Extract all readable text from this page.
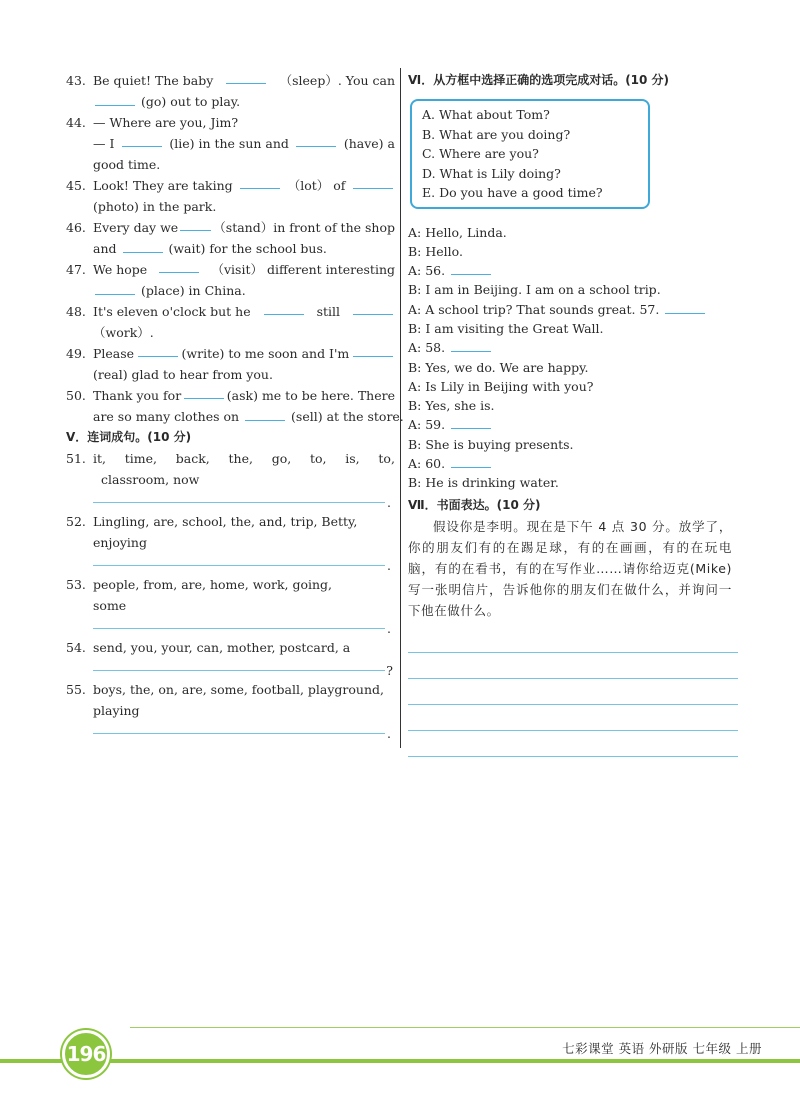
43. Be quiet! The baby	（sleep）. You can
(go) out to play.
44. — Where are you, Jim?
— I	(lie) in the sun and	(have) a
good time.
45. Look! They are taking	（lot） of
(photo) in the park.
46. Every day we	（stand）in front of the shop
and	(wait) for the school bus.
47. We hope	（visit） different interesting
(place) in China.
48. It's eleven o'clock but he	still
（work）.
49. Please	(write) to me soon and I'm
(real) glad to hear from you.
50. Thank you for	(ask) me to be here. There
are so many clothes on	(sell) at the store.
Ⅴ．连词成句。(10 分)
51. it, time, back, the, go, to, is, to,
classroom, now
.
52. Lingling, are, school, the, and, trip, Betty,
enjoying
.
53. people, from, are, home, work, going,
some
.
54. send, you, your, can, mother, postcard, a
?
55. boys, the, on, are, some, football, playground,
playing
.
Ⅵ．从方框中选择正确的选项完成对话。(10 分)
A. What about Tom?
B. What are you doing?
C. Where are you?
D. What is Lily doing?
E. Do you have a good time?
A: Hello, Linda.
B: Hello.
A: 56.
B: I am in Beijing. I am on a school trip.
A: A school trip? That sounds great. 57.
B: I am visiting the Great Wall.
A: 58.
B: Yes, we do. We are happy.
A: Is Lily in Beijing with you?
B: Yes, she is.
A: 59.
B: She is buying presents.
A: 60.
B: He is drinking water.
Ⅶ．书面表达。(10 分)
假设你是李明。现在是下午 4 点 30 分。放学了，你的朋友们有的在踢足球，有的在画画，有的在玩电脑，有的在看书，有的在写作业……请你给迈克(Mike) 写一张明信片，告诉他你的朋友们在做什么，并询问一下他在做什么。
196	七彩课堂 英语 外研版 七年级 上册
